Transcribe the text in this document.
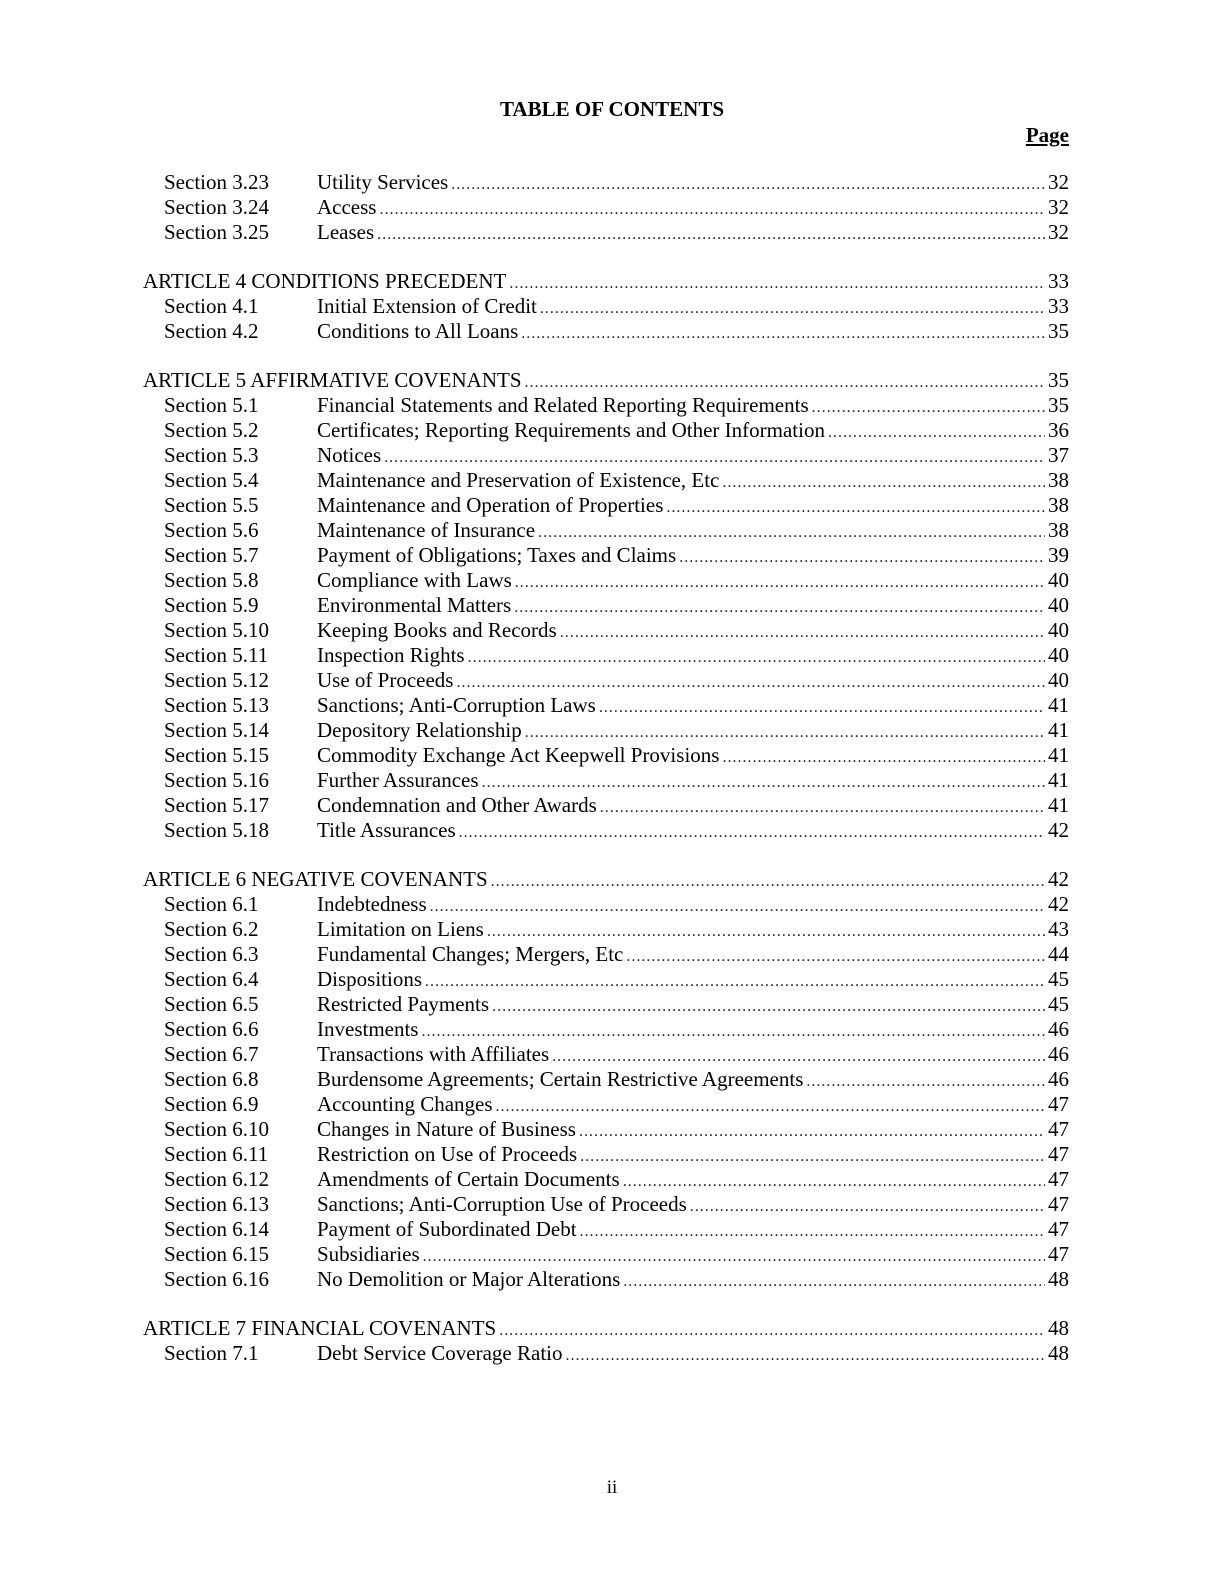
TABLE OF CONTENTS
Page
Section 3.23	Utility Services .....	32
Section 3.24	Access .....	32
Section 3.25	Leases .....	32
ARTICLE 4 CONDITIONS PRECEDENT .....	33
Section 4.1	Initial Extension of Credit .....	33
Section 4.2	Conditions to All Loans .....	35
ARTICLE 5 AFFIRMATIVE COVENANTS .....	35
Section 5.1	Financial Statements and Related Reporting Requirements .....	35
Section 5.2	Certificates; Reporting Requirements and Other Information .....	36
Section 5.3	Notices .....	37
Section 5.4	Maintenance and Preservation of Existence, Etc .....	38
Section 5.5	Maintenance and Operation of Properties .....	38
Section 5.6	Maintenance of Insurance .....	38
Section 5.7	Payment of Obligations; Taxes and Claims .....	39
Section 5.8	Compliance with Laws .....	40
Section 5.9	Environmental Matters .....	40
Section 5.10	Keeping Books and Records .....	40
Section 5.11	Inspection Rights .....	40
Section 5.12	Use of Proceeds .....	40
Section 5.13	Sanctions; Anti-Corruption Laws .....	41
Section 5.14	Depository Relationship .....	41
Section 5.15	Commodity Exchange Act Keepwell Provisions .....	41
Section 5.16	Further Assurances .....	41
Section 5.17	Condemnation and Other Awards .....	41
Section 5.18	Title Assurances .....	42
ARTICLE 6 NEGATIVE COVENANTS .....	42
Section 6.1	Indebtedness .....	42
Section 6.2	Limitation on Liens .....	43
Section 6.3	Fundamental Changes; Mergers, Etc .....	44
Section 6.4	Dispositions .....	45
Section 6.5	Restricted Payments .....	45
Section 6.6	Investments .....	46
Section 6.7	Transactions with Affiliates .....	46
Section 6.8	Burdensome Agreements; Certain Restrictive Agreements .....	46
Section 6.9	Accounting Changes .....	47
Section 6.10	Changes in Nature of Business .....	47
Section 6.11	Restriction on Use of Proceeds .....	47
Section 6.12	Amendments of Certain Documents .....	47
Section 6.13	Sanctions; Anti-Corruption Use of Proceeds .....	47
Section 6.14	Payment of Subordinated Debt .....	47
Section 6.15	Subsidiaries .....	47
Section 6.16	No Demolition or Major Alterations .....	48
ARTICLE 7 FINANCIAL COVENANTS .....	48
Section 7.1	Debt Service Coverage Ratio .....	48
ii
